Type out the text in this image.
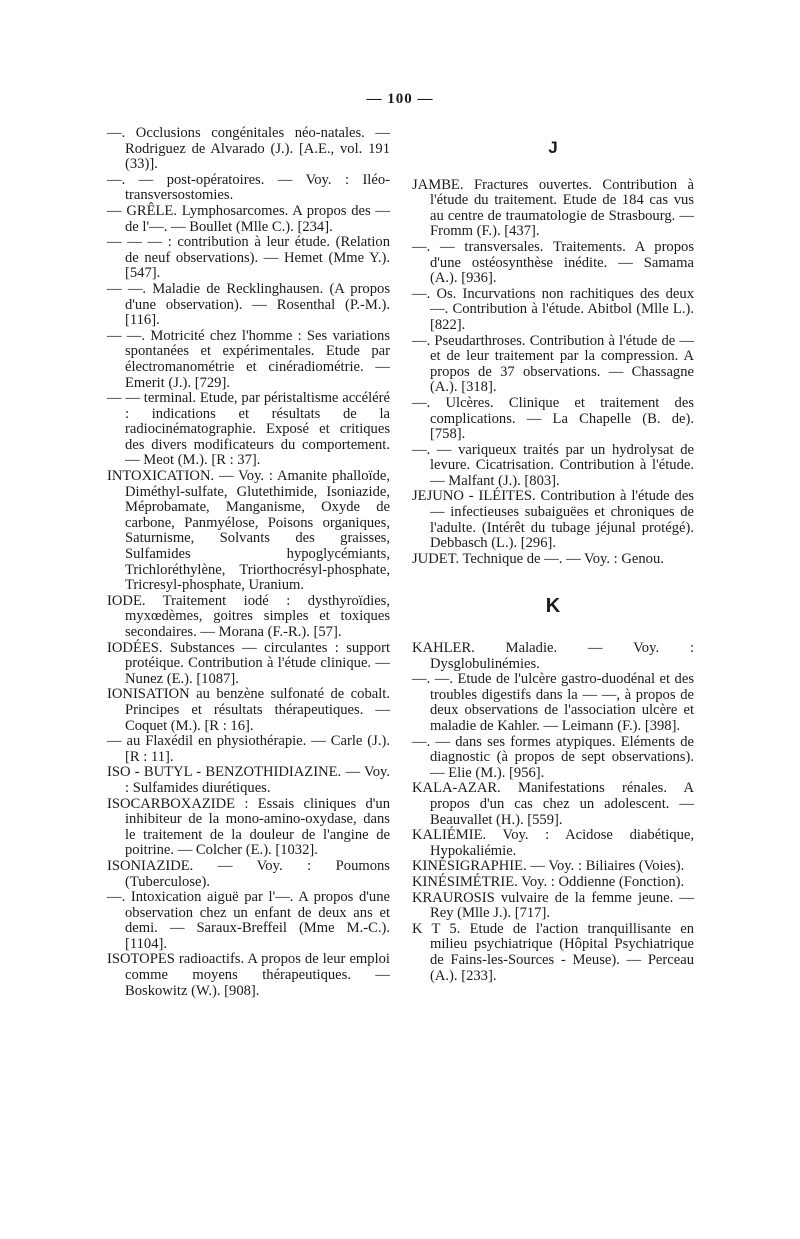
— 100 —

—. Occlusions congénitales néo-natales. — Rodriguez de Alvarado (J.). [A.E., vol. 191 (33)].

—. — post-opératoires. — Voy. : Iléo-transversostomies.

— GRÊLE. Lymphosarcomes. A propos des — de l'—. — Boullet (Mlle C.). [234].

— — — : contribution à leur étude. (Relation de neuf observations). — Hemet (Mme Y.). [547].

— —. Maladie de Recklinghausen. (A propos d'une observation). — Rosenthal (P.-M.). [116].

— —. Motricité chez l'homme : Ses variations spontanées et expérimentales. Etude par électromanométrie et cinéradiométrie. — Emerit (J.). [729].

— — terminal. Etude, par péristaltisme accéléré : indications et résultats de la radiocinématographie. Exposé et critiques des divers modificateurs du comportement. — Meot (M.). [R : 37].

INTOXICATION. — Voy. : Amanite phalloïde, Diméthyl-sulfate, Glutethimide, Isoniazide, Méprobamate, Manganisme, Oxyde de carbone, Panmyélose, Poisons organiques, Saturnisme, Solvants des graisses, Sulfamides hypoglycémiants, Trichloréthylène, Triorthocrésyl-phosphate, Tricresyl-phosphate, Uranium.

IODE. Traitement iodé : dysthyroïdies, myxœdèmes, goitres simples et toxiques secondaires. — Morana (F.-R.). [57].

IODÉES. Substances — circulantes : support protéique. Contribution à l'étude clinique. — Nunez (E.). [1087].

IONISATION au benzène sulfonaté de cobalt. Principes et résultats thérapeutiques. — Coquet (M.). [R : 16].

— au Flaxédil en physiothérapie. — Carle (J.). [R : 11].

ISO - BUTYL - BENZOTHIDIAZINE. — Voy. : Sulfamides diurétiques.

ISOCARBOXAZIDE : Essais cliniques d'un inhibiteur de la mono-amino-oxydase, dans le traitement de la douleur de l'angine de poitrine. — Colcher (E.). [1032].

ISONIAZIDE. — Voy. : Poumons (Tuberculose).

—. Intoxication aiguë par l'—. A propos d'une observation chez un enfant de deux ans et demi. — Saraux-Breffeil (Mme M.-C.). [1104].

ISOTOPES radioactifs. A propos de leur emploi comme moyens thérapeutiques. — Boskowitz (W.). [908].

J

JAMBE. Fractures ouvertes. Contribution à l'étude du traitement. Etude de 184 cas vus au centre de traumatologie de Strasbourg. — Fromm (F.). [437].

—. — transversales. Traitements. A propos d'une ostéosynthèse inédite. — Samama (A.). [936].

—. Os. Incurvations non rachitiques des deux —. Contribution à l'étude. Abitbol (Mlle L.). [822].

—. Pseudarthroses. Contribution à l'étude de — et de leur traitement par la compression. A propos de 37 observations. — Chassagne (A.). [318].

—. Ulcères. Clinique et traitement des complications. — La Chapelle (B. de). [758].

—. — variqueux traités par un hydrolysat de levure. Cicatrisation. Contribution à l'étude. — Malfant (J.). [803].

JEJUNO - ILÉITES. Contribution à l'étude des — infectieuses subaiguëes et chroniques de l'adulte. (Intérêt du tubage jéjunal protégé). Debbasch (L.). [296].

JUDET. Technique de —. — Voy. : Genou.

K

KAHLER. Maladie. — Voy. : Dysglobulinémies.

—. —. Etude de l'ulcère gastro-duodénal et des troubles digestifs dans la — —, à propos de deux observations de l'association ulcère et maladie de Kahler. — Leimann (F.). [398].

—. — dans ses formes atypiques. Eléments de diagnostic (à propos de sept observations). — Elie (M.). [956].

KALA-AZAR. Manifestations rénales. A propos d'un cas chez un adolescent. — Beauvallet (H.). [559].

KALIÉMIE. Voy. : Acidose diabétique, Hypokaliémie.

KINÉSIGRAPHIE. — Voy. : Biliaires (Voies).

KINÉSIMÉTRIE. Voy. : Oddienne (Fonction).

KRAUROSIS vulvaire de la femme jeune. — Rey (Mlle J.). [717].

K T 5. Etude de l'action tranquillisante en milieu psychiatrique (Hôpital Psychiatrique de Fains-les-Sources - Meuse). — Perceau (A.). [233].
